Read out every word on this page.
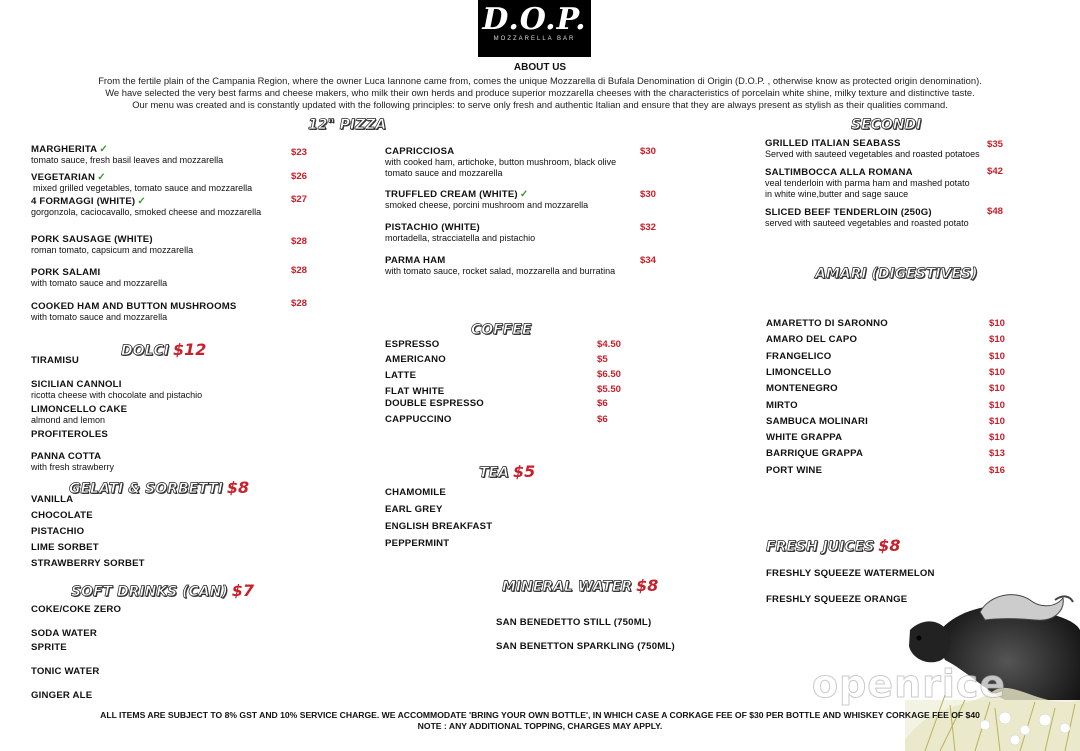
D.O.P.
MOZZARELLA BAR
ABOUT US
From the fertile plain of the Campania Region, where the owner Luca Iannone came from, comes the unique Mozzarella di Bufala Denomination di Origin (D.O.P. , otherwise know as protected origin denomination).
We have selected the very best farms and cheese makers, who milk their own herds and produce superior mozzarella cheeses with the characteristics of porcelain white shine, milky texture and distinctive taste.
Our menu was created and is constantly updated with the following principles: to serve only fresh and authentic Italian and ensure that they are always present as stylish as their qualities command.
12" PIZZA
MARGHERITA ✓
tomato sauce, fresh basil leaves and mozzarella
$23
VEGETARIAN ✓
mixed grilled vegetables, tomato sauce and mozzarella
$26
4 FORMAGGI (WHITE) ✓
gorgonzola, caciocavallo, smoked cheese and mozzarella
$27
PORK SAUSAGE (WHITE)
roman tomato, capsicum and mozzarella
$28
PORK SALAMI
with tomato sauce and mozzarella
$28
COOKED HAM AND BUTTON MUSHROOMS
with tomato sauce and mozzarella
$28
CAPRICCIOSA
with cooked ham, artichoke, button mushroom, black olive
tomato sauce and mozzarella
$30
TRUFFLED CREAM (WHITE) ✓
smoked cheese, porcini mushroom and mozzarella
$30
PISTACHIO (WHITE)
mortadella, stracciatella and pistachio
$32
PARMA HAM
with tomato sauce, rocket salad, mozzarella and burratina
$34
DOLCI $12
TIRAMISU
SICILIAN CANNOLI
ricotta cheese with chocolate and pistachio
LIMONCELLO CAKE
almond and lemon
PROFITEROLES
PANNA COTTA
with fresh strawberry
GELATI & SORBETTI $8
VANILLA
CHOCOLATE
PISTACHIO
LIME SORBET
STRAWBERRY SORBET
SOFT DRINKS (CAN) $7
COKE/COKE ZERO
SODA WATER
SPRITE
TONIC WATER
GINGER ALE
COFFEE
ESPRESSO	$4.50
AMERICANO	$5
LATTE	$6.50
FLAT WHITE	$5.50
DOUBLE ESPRESSO	$6
CAPPUCCINO	$6
TEA $5
CHAMOMILE
EARL GREY
ENGLISH BREAKFAST
PEPPERMINT
MINERAL WATER $8
SAN BENEDETTO STILL (750ML)
SAN BENETTON SPARKLING (750ML)
SECONDI
GRILLED ITALIAN SEABASS
Served with sauteed vegetables and roasted potatoes
$35
SALTIMBOCCA ALLA ROMANA
veal tenderloin with parma ham and mashed potato
in white wine,butter and sage sauce
$42
SLICED BEEF TENDERLOIN (250G)
served with sauteed vegetables and roasted potato
$48
AMARI (DIGESTIVES)
AMARETTO DI SARONNO	$10
AMARO DEL CAPO	$10
FRANGELICO	$10
LIMONCELLO	$10
MONTENEGRO	$10
MIRTO	$10
SAMBUCA MOLINARI	$10
WHITE GRAPPA	$10
BARRIQUE GRAPPA	$13
PORT WINE	$16
FRESH JUICES $8
FRESHLY SQUEEZE WATERMELON
FRESHLY SQUEEZE ORANGE
openrice
ALL ITEMS ARE SUBJECT TO 8% GST AND 10% SERVICE CHARGE. WE ACCOMMODATE 'BRING YOUR OWN BOTTLE', IN WHICH CASE A CORKAGE FEE OF $30 PER BOTTLE AND WHISKEY CORKAGE FEE OF $40
NOTE : ANY ADDITIONAL TOPPING, CHARGES MAY APPLY.
